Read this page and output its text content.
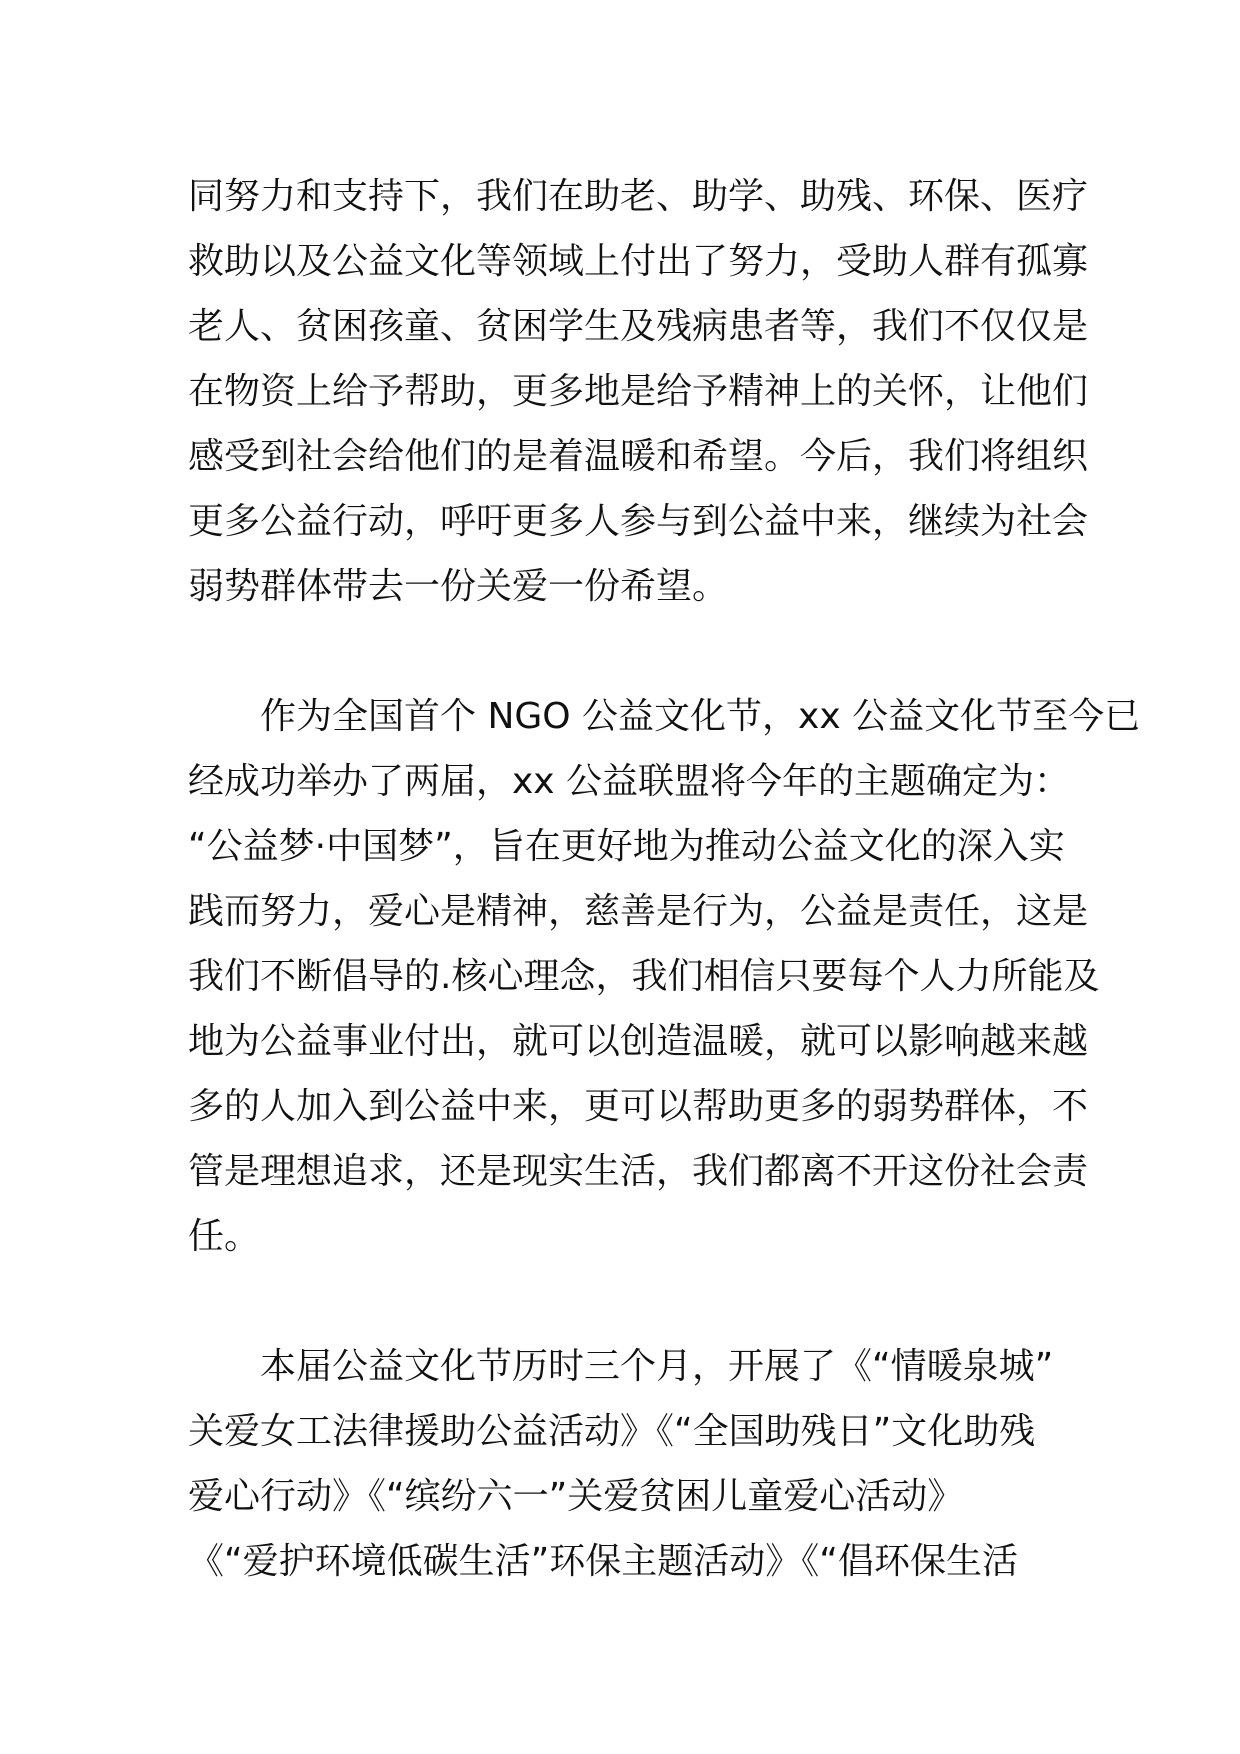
同努力和支持下，我们在助老、助学、助残、环保、医疗
救助以及公益文化等领域上付出了努力，受助人群有孤寡
老人、贫困孩童、贫困学生及残病患者等，我们不仅仅是
在物资上给予帮助，更多地是给予精神上的关怀，让他们
感受到社会给他们的是着温暖和希望。今后，我们将组织
更多公益行动，呼吁更多人参与到公益中来，继续为社会
弱势群体带去一份关爱一份希望。
作为全国首个 NGO 公益文化节，xx 公益文化节至今已
经成功举办了两届，xx 公益联盟将今年的主题确定为：
“公益梦·中国梦”，旨在更好地为推动公益文化的深入实
践而努力，爱心是精神，慈善是行为，公益是责任，这是
我们不断倡导的.核心理念，我们相信只要每个人力所能及
地为公益事业付出，就可以创造温暖，就可以影响越来越
多的人加入到公益中来，更可以帮助更多的弱势群体，不
管是理想追求，还是现实生活，我们都离不开这份社会责
任。
本届公益文化节历时三个月，开展了《“情暖泉城”
关爱女工法律援助公益活动》《“全国助残日”文化助残
爱心行动》《“缤纷六一”关爱贫困儿童爱心活动》
《“爱护环境低碳生活”环保主题活动》《“倡环保生活
